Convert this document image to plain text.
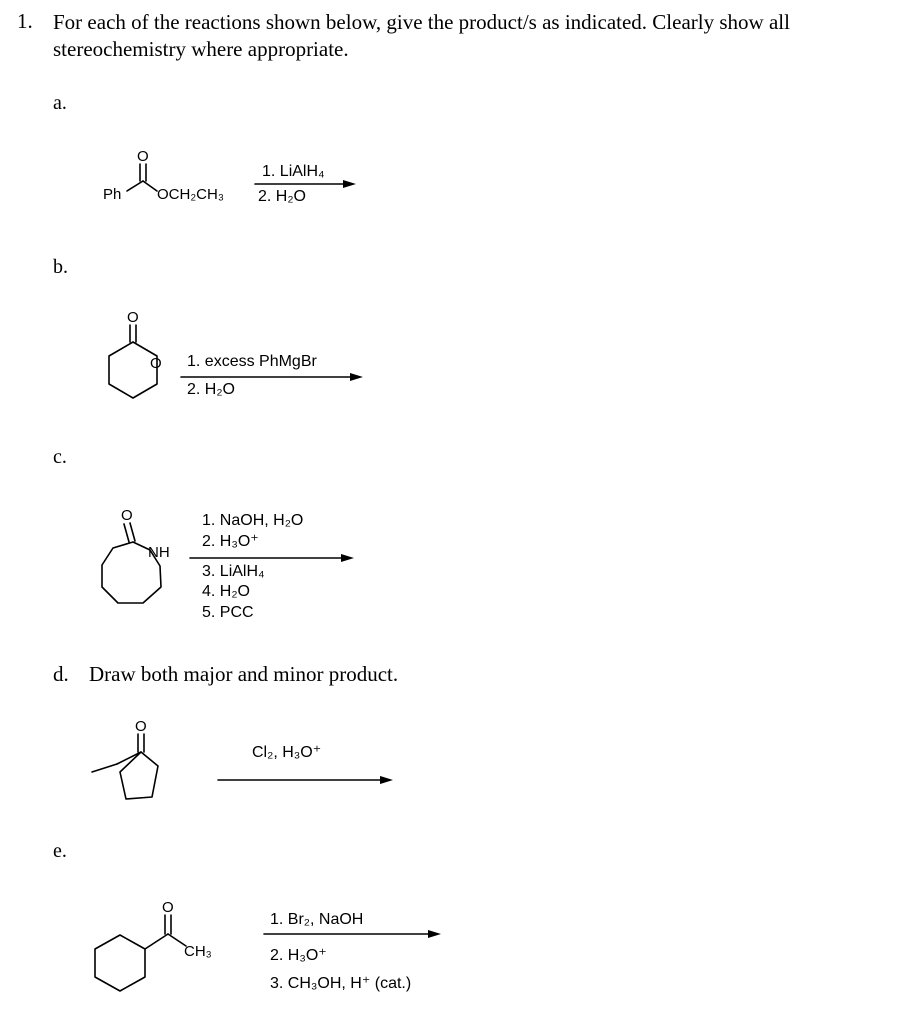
1. For each of the reactions shown below, give the product/s as indicated. Clearly show all stereochemistry where appropriate.
a.
b.
c.
d. Draw both major and minor product.
e.
O
Ph OCH₂CH₃
O
O
O
NH
O
O
CH₃
1. LiAlH₄
2. H₂O
1. excess PhMgBr
2. H₂O
1. NaOH, H₂O
2. H₃O⁺
3. LiAlH₄
4. H₂O
5. PCC
Cl₂, H₃O⁺
1. Br₂, NaOH
2. H₃O⁺
3. CH₃OH, H⁺ (cat.)
